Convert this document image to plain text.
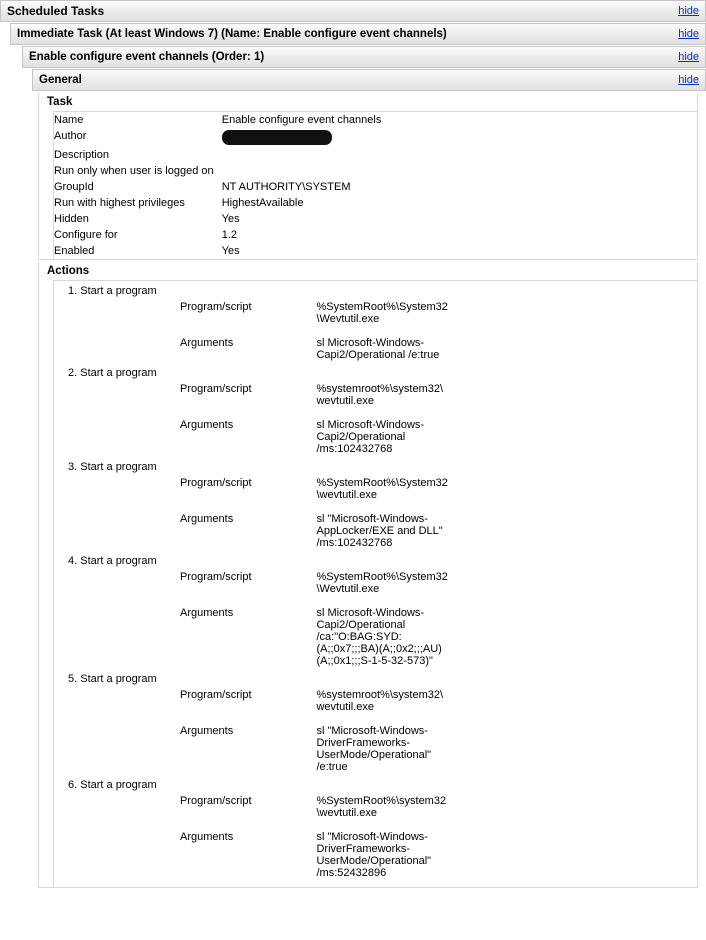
Scheduled Tasks	hide
Immediate Task (At least Windows 7) (Name: Enable configure event channels)	hide
Enable configure event channels (Order: 1)	hide
General	hide
Task
Name	Enable configure event channels	
Author		
Description		
Run only when user is logged on		
GroupId	NT AUTHORITY\SYSTEM	
Run with highest privileges	HighestAvailable	
Hidden	Yes	
Configure for	1.2	
Enabled	Yes	
Actions
1. Start a program
Program/script	%SystemRoot%\System32\Wevtutil.exe	

Arguments	sl Microsoft-Windows-Capi2/Operational /e:true	
2. Start a program
Program/script	%systemroot%\system32\wevtutil.exe	

Arguments	sl Microsoft-Windows-Capi2/Operational /ms:102432768	
3. Start a program
Program/script	%SystemRoot%\System32\wevtutil.exe	

Arguments	sl "Microsoft-Windows-AppLocker/EXE and DLL" /ms:102432768	
4. Start a program
Program/script	%SystemRoot%\System32\Wevtutil.exe	

Arguments	sl Microsoft-Windows-Capi2/Operational /ca:"O:BAG:SYD:(A;;0x7;;;BA)(A;;0x2;;;AU)(A;;0x1;;;S-1-5-32-573)"	
5. Start a program
Program/script	%systemroot%\system32\wevtutil.exe	

Arguments	sl "Microsoft-Windows-DriverFrameworks-UserMode/Operational" /e:true	
6. Start a program
Program/script	%SystemRoot%\system32\wevtutil.exe	

Arguments	sl "Microsoft-Windows-DriverFrameworks-UserMode/Operational" /ms:52432896	
